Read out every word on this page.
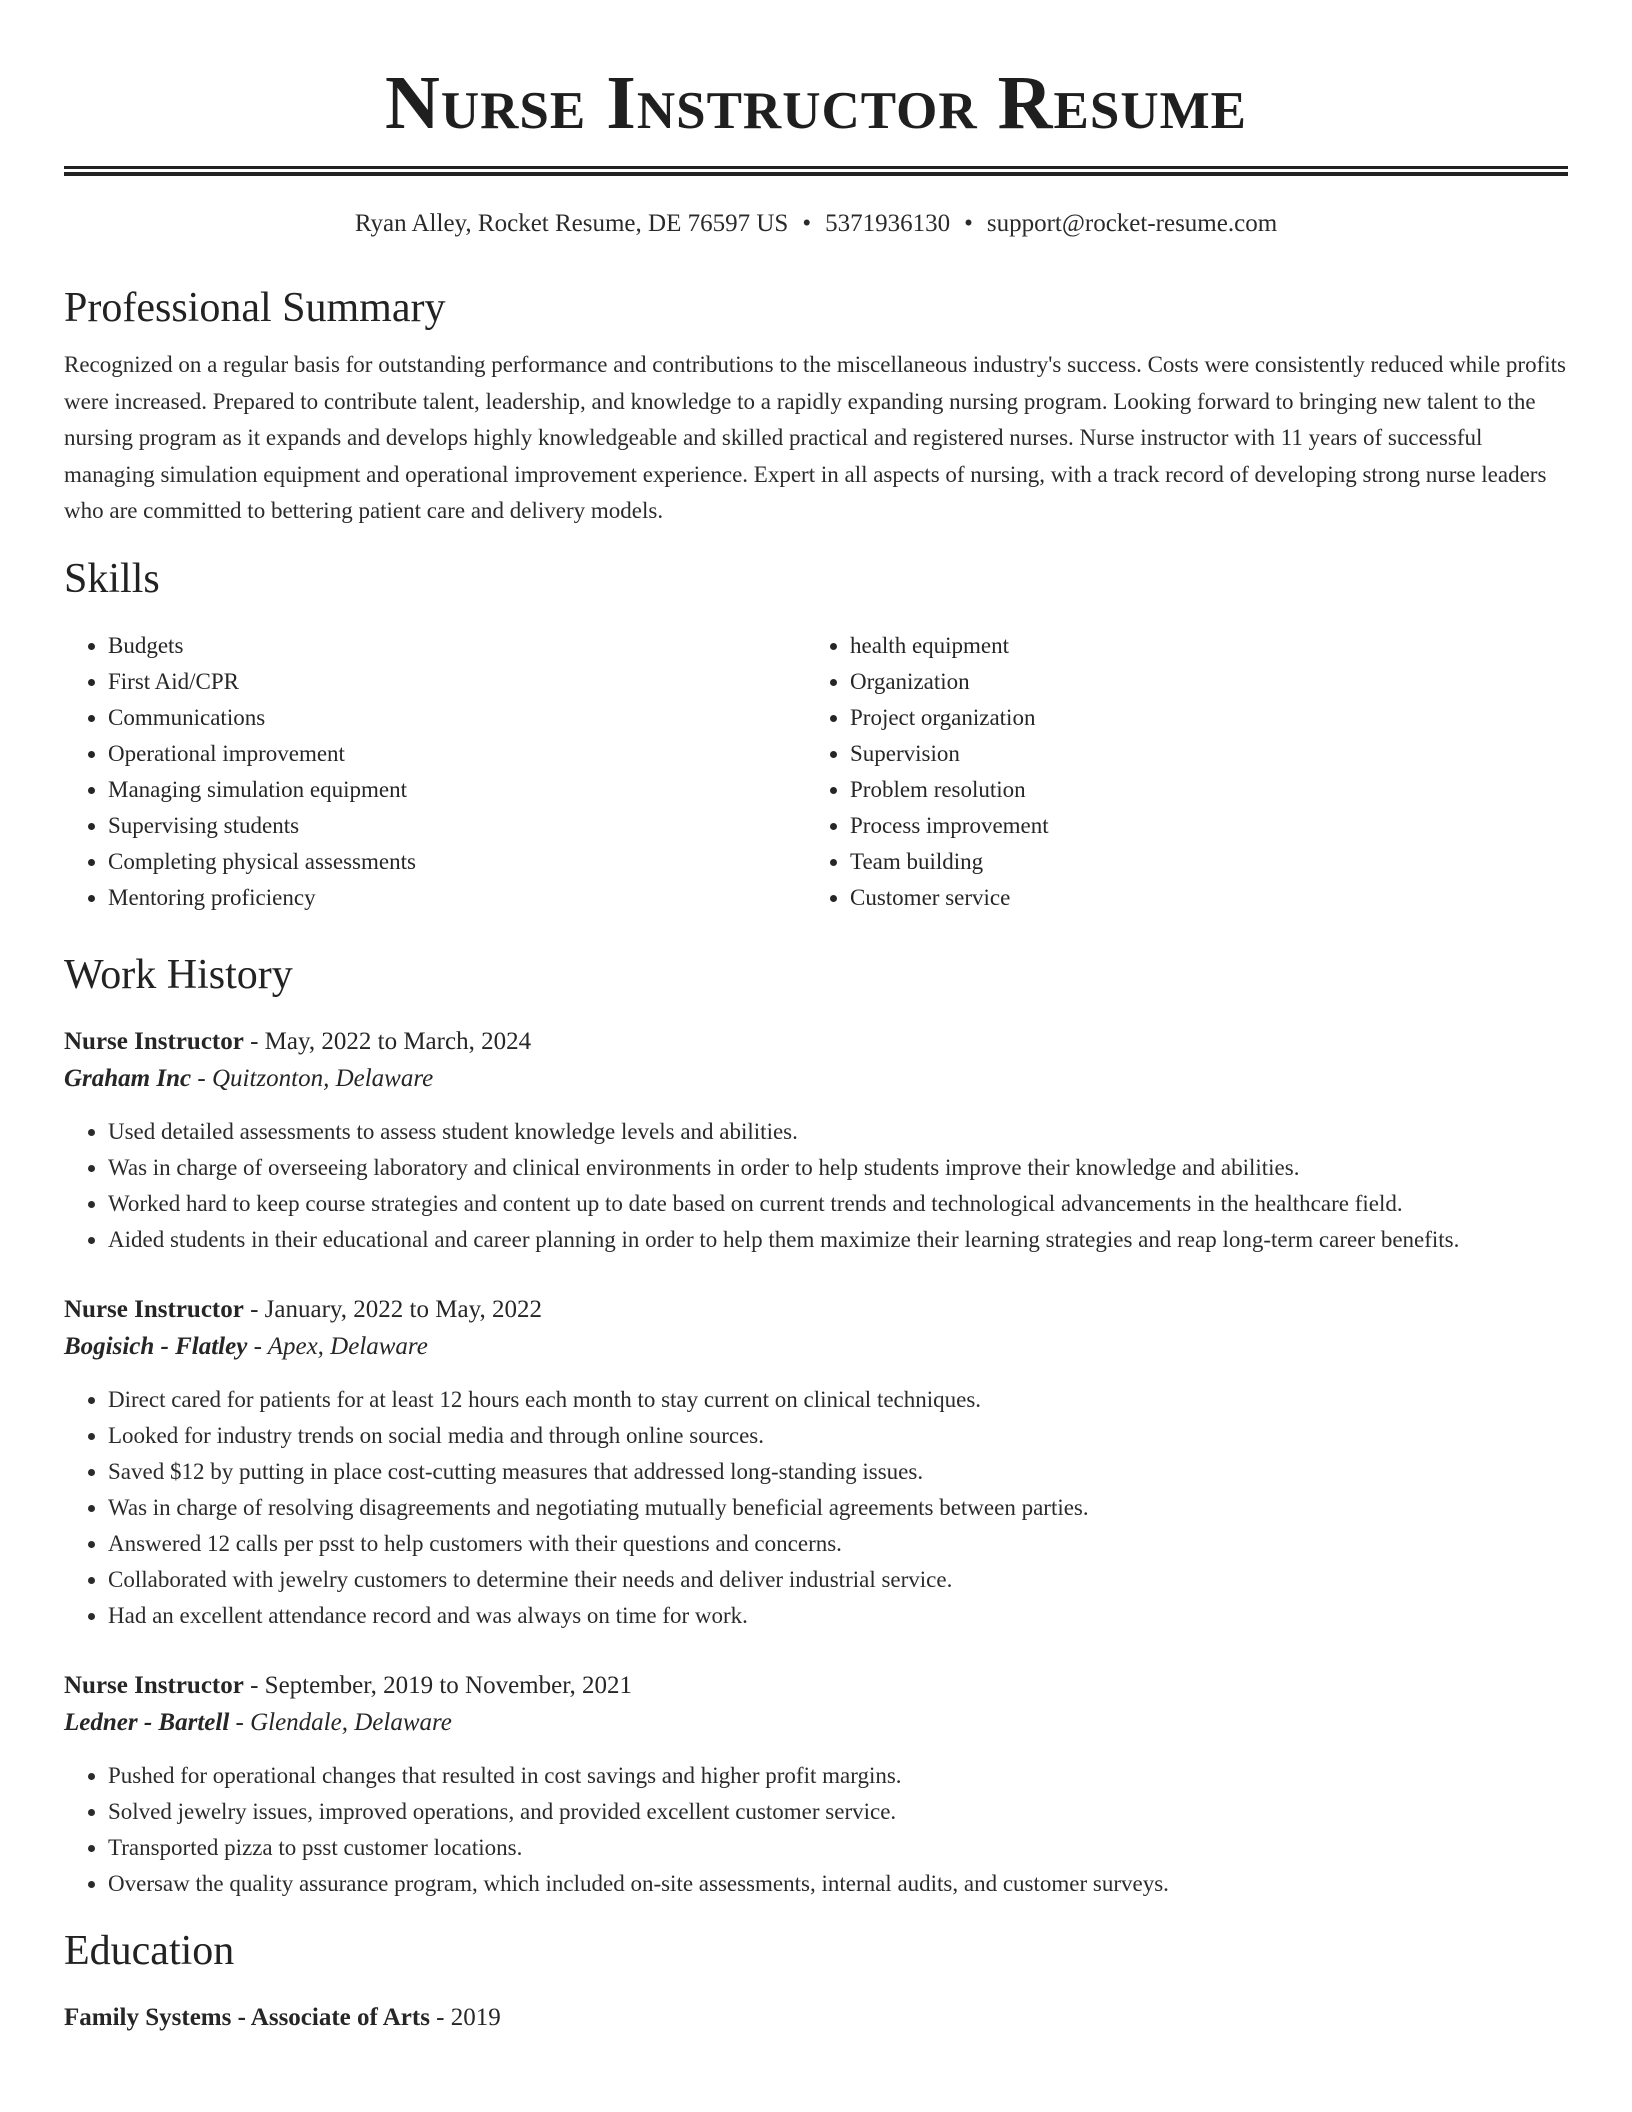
Nurse Instructor Resume
Ryan Alley, Rocket Resume, DE 76597 US • 5371936130 • support@rocket-resume.com
Professional Summary

Recognized on a regular basis for outstanding performance and contributions to the miscellaneous industry's success. Costs were consistently reduced while profits were increased. Prepared to contribute talent, leadership, and knowledge to a rapidly expanding nursing program. Looking forward to bringing new talent to the nursing program as it expands and develops highly knowledgeable and skilled practical and registered nurses. Nurse instructor with 11 years of successful managing simulation equipment and operational improvement experience. Expert in all aspects of nursing, with a track record of developing strong nurse leaders who are committed to bettering patient care and delivery models.

Skills
• Budgets
• First Aid/CPR
• Communications
• Operational improvement
• Managing simulation equipment
• Supervising students
• Completing physical assessments
• Mentoring proficiency
• health equipment
• Organization
• Project organization
• Supervision
• Problem resolution
• Process improvement
• Team building
• Customer service
Work History

Nurse Instructor - May, 2022 to March, 2024

Graham Inc - Quitzonton, Delaware

• Used detailed assessments to assess student knowledge levels and abilities.
• Was in charge of overseeing laboratory and clinical environments in order to help students improve their knowledge and abilities.
• Worked hard to keep course strategies and content up to date based on current trends and technological advancements in the healthcare field.
• Aided students in their educational and career planning in order to help them maximize their learning strategies and reap long-term career benefits.

Nurse Instructor - January, 2022 to May, 2022

Bogisich - Flatley - Apex, Delaware

• Direct cared for patients for at least 12 hours each month to stay current on clinical techniques.
• Looked for industry trends on social media and through online sources.
• Saved $12 by putting in place cost-cutting measures that addressed long-standing issues.
• Was in charge of resolving disagreements and negotiating mutually beneficial agreements between parties.
• Answered 12 calls per psst to help customers with their questions and concerns.
• Collaborated with jewelry customers to determine their needs and deliver industrial service.
• Had an excellent attendance record and was always on time for work.

Nurse Instructor - September, 2019 to November, 2021

Ledner - Bartell - Glendale, Delaware

• Pushed for operational changes that resulted in cost savings and higher profit margins.
• Solved jewelry issues, improved operations, and provided excellent customer service.
• Transported pizza to psst customer locations.
• Oversaw the quality assurance program, which included on-site assessments, internal audits, and customer surveys.
Education
Family Systems - Associate of Arts - 2019
